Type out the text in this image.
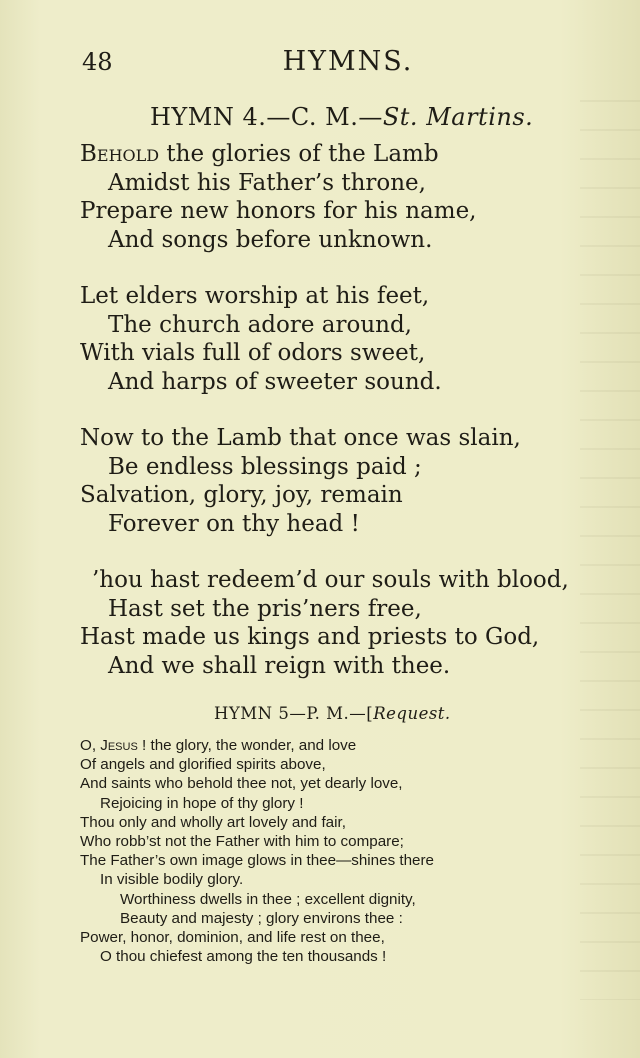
48	HYMNS.
HYMN 4.—C. M.—St. Martins.
Behold the glories of the Lamb
Amidst his Father’s throne,
Prepare new honors for his name,
And songs before unknown.
Let elders worship at his feet,
The church adore around,
With vials full of odors sweet,
And harps of sweeter sound.
Now to the Lamb that once was slain,
Be endless blessings paid ;
Salvation, glory, joy, remain
Forever on thy head !
’hou hast redeem’d our souls with blood,
Hast set the pris’ners free,
Hast made us kings and priests to God,
And we shall reign with thee.
HYMN 5—P. M.—[Request.
O, Jesus ! the glory, the wonder, and love
Of angels and glorified spirits above,
And saints who behold thee not, yet dearly love,
Rejoicing in hope of thy glory !
Thou only and wholly art lovely and fair,
Who robb’st not the Father with him to compare;
The Father’s own image glows in thee—shines there
In visible bodily glory.
Worthiness dwells in thee ; excellent dignity,
Beauty and majesty ; glory environs thee :
Power, honor, dominion, and life rest on thee,
O thou chiefest among the ten thousands !
